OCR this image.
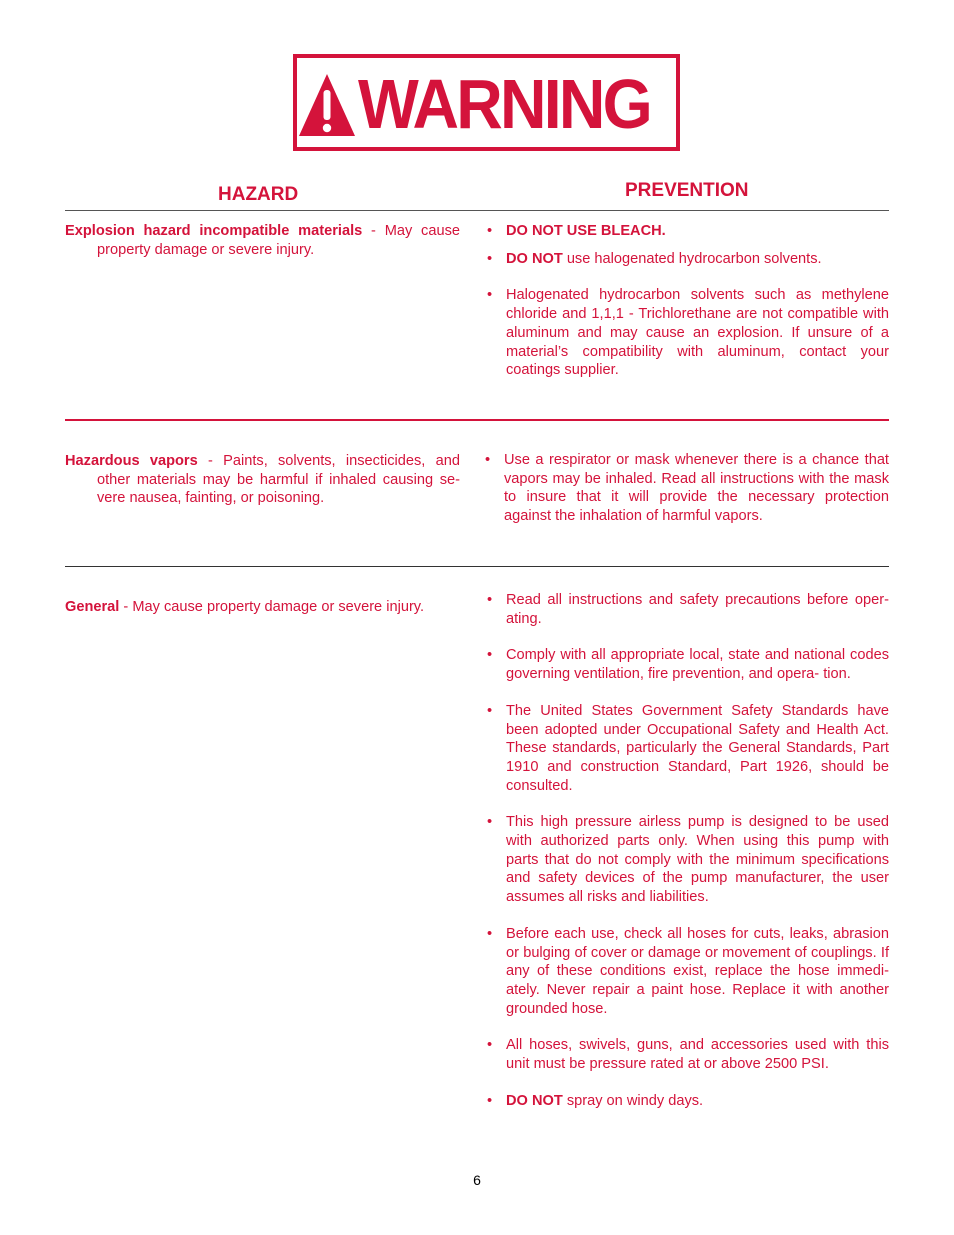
WARNING
HAZARD	PREVENTION
Explosion hazard incompatible materials - May cause property damage or severe injury.
• DO NOT USE BLEACH.
• DO NOT use halogenated hydrocarbon solvents.
• Halogenated hydrocarbon solvents such as methylene chloride and 1,1,1 - Trichlorethane are not compatible with aluminum and may cause an explosion. If unsure of a material’s compatibility with aluminum, contact your coatings supplier.
Hazardous vapors - Paints, solvents, insecticides, and other materials may be harmful if inhaled causing se- vere nausea, fainting, or poisoning.
• Use a respirator or mask whenever there is a chance that vapors may be inhaled. Read all instructions with the mask to insure that it will provide the necessary protection against the inhalation of harmful vapors.
General - May cause property damage or severe injury.
•	Read all instructions and safety precautions before oper- ating.
• Comply with all appropriate local, state and national codes governing ventilation, fire prevention, and opera- tion.
• The United States Government Safety Standards have been adopted under Occupational Safety and Health Act. These standards, particularly the General Standards, Part 1910 and construction Standard, Part 1926, should be consulted.
• This high pressure airless pump is designed to be used with authorized parts only. When using this pump with parts that do not comply with the minimum specifications and safety devices of the pump manufacturer, the user assumes all risks and liabilities.
• Before each use, check all hoses for cuts, leaks, abrasion or bulging of cover or damage or movement of couplings. If any of these conditions exist, replace the hose immedi- ately. Never repair a paint hose. Replace it with another grounded hose.
• All hoses, swivels, guns, and accessories used with this unit must be pressure rated at or above 2500 PSI.
• DO NOT spray on windy days.
6
